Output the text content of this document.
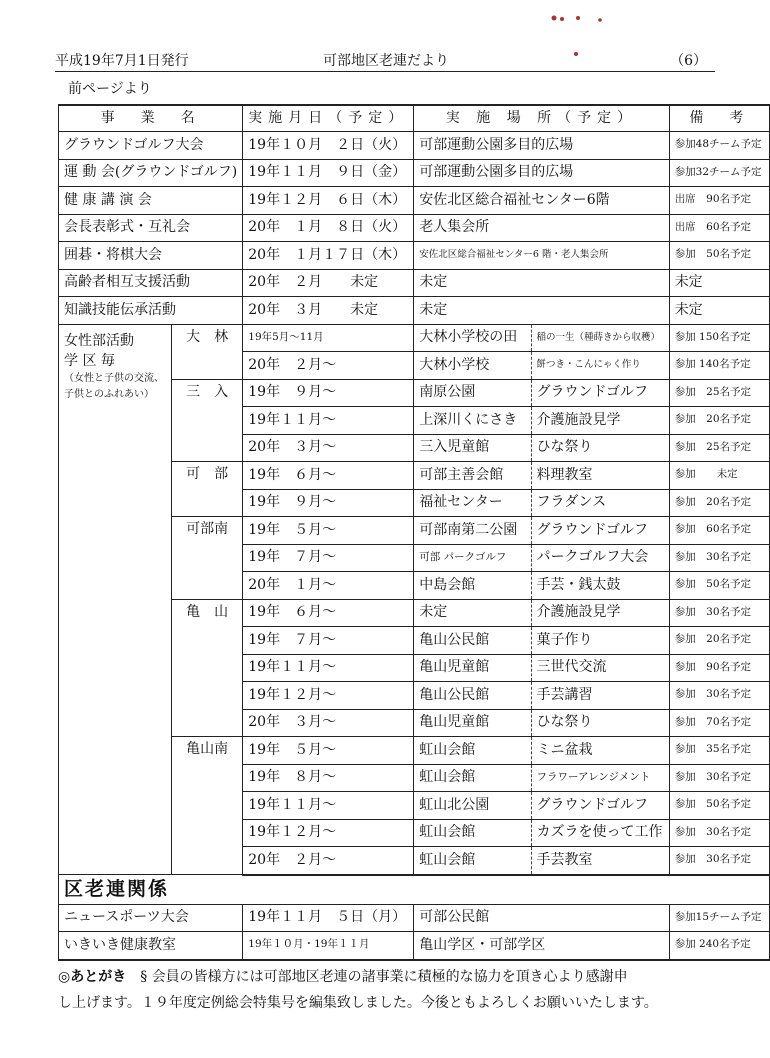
平成19年7月1日発行	可部地区老連だより	（6）
前ページより
事　業　名		実施月日（予定）	実 施 場 所（予定）		備　考
グラウンドゴルフ大会		19年１０月　２日（火）	可部運動公園多目的広場		参加48チーム予定
運 動 会(グラウンドゴルフ)		19年１１月　９日（金）	可部運動公園多目的広場		参加32チーム予定
健 康 講 演 会		19年１２月　６日（木）	安佐北区総合福祉センター6階		出席　90名予定
会長表彰式・互礼会		20年　１月　８日（火）	老人集会所		出席　60名予定
囲碁・将棋大会		20年　１月１７日（木）	安佐北区総合福祉センター6 階・老人集会所		参加　50名予定
高齢者相互支援活動		20年　２月　　未定	未定		未定
知識技能伝承活動		20年　３月　　未定	未定		未定
女性部活動
学 区 毎

（女性と子供の交流、
子供とのふれあい）	大　林	19年5月～11月	大林小学校の田	稲の一生（種蒔きから収穫）	参加 150名予定
		20年　２月～	大林小学校	餅つき・こんにゃく作り	参加 140名予定
	三　入	19年　９月～	南原公園	グラウンドゴルフ	参加　25名予定
		19年１１月～	上深川くにさき	介護施設見学	参加　20名予定
		20年　３月～	三入児童館	ひな祭り	参加　25名予定
	可　部	19年　６月～	可部主善会館	料理教室	参加　　未定
		19年　９月～	福祉センター	フラダンス	参加　20名予定
	可部南	19年　５月～	可部南第二公園	グラウンドゴルフ	参加　60名予定
		19年　７月～	可部 パークゴルフ	パークゴルフ大会	参加　30名予定
		20年　１月～	中島会館	手芸・銭太鼓	参加　50名予定
	亀　山	19年　６月～	未定	介護施設見学	参加　30名予定
		19年　７月～	亀山公民館	菓子作り	参加　20名予定
		19年１１月～	亀山児童館	三世代交流	参加　90名予定
		19年１２月～	亀山公民館	手芸講習	参加　30名予定
		20年　３月～	亀山児童館	ひな祭り	参加　70名予定
	亀山南	19年　５月～	虹山会館	ミニ盆栽	参加　35名予定
		19年　８月～	虹山会館	フラワーアレンジメント	参加　30名予定
		19年１１月～	虹山北公園	グラウンドゴルフ	参加　50名予定
		19年１２月～	虹山会館	カズラを使って工作	参加　30名予定
		20年　２月～	虹山会館	手芸教室	参加　30名予定
区老連関係					
ニュースポーツ大会		19年１１月　５日（月）	可部公民館		参加15チーム予定
いきいき健康教室		19年１０月・19年１１月	亀山学区・可部学区		参加 240名予定
◎あとがき　§ 会員の皆様方には可部地区老連の諸事業に積極的な協力を頂き心より感謝申
し上げます。１９年度定例総会特集号を編集致しました。今後ともよろしくお願いいたします。
